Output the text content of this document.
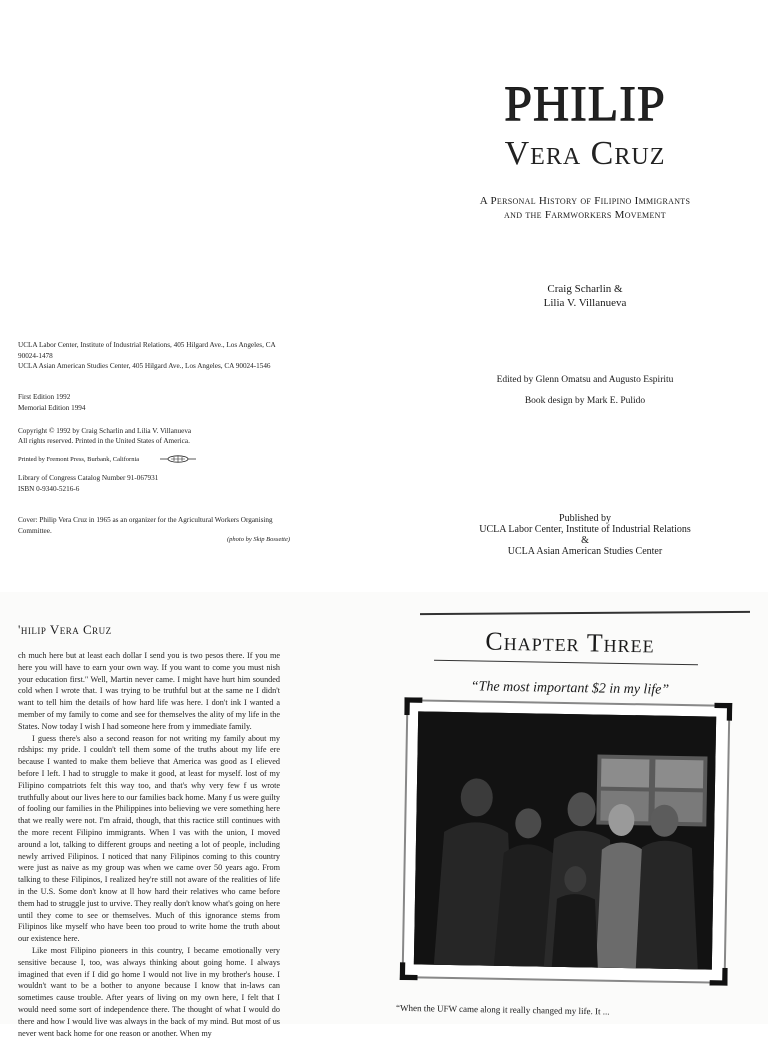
UCLA Labor Center, Institute of Industrial Relations, 405 Hilgard Ave., Los Angeles, CA 90024-1478
UCLA Asian American Studies Center, 405 Hilgard Ave., Los Angeles, CA 90024-1546
First Edition 1992
Memorial Edition 1994
Copyright © 1992 by Craig Scharlin and Lilia V. Villanueva
All rights reserved. Printed in the United States of America.
Printed by Fremont Press, Burbank, California
Library of Congress Catalog Number 91-067931
ISBN 0-9340-5216-6
Cover: Philip Vera Cruz in 1965 as an organizer for the Agricultural Workers Organising Committee.
(photo by Skip Bossette)
PHILIP
Vera Cruz
A Personal History of Filipino Immigrants
and the Farmworkers Movement
Craig Scharlin &
Lilia V. Villanueva
Edited by Glenn Omatsu and Augusto Espiritu
Book design by Mark E. Pulido
Published by
UCLA Labor Center, Institute of Industrial Relations
&
UCLA Asian American Studies Center
'hilip Vera Cruz

ch much here but at least each dollar I send you is two pesos there. If you me here you will have to earn your own way. If you want to come you must nish your education first." Well, Martin never came. I might have hurt him sounded cold when I wrote that. I was trying to be truthful but at the same ne I didn't want to tell him the details of how hard life was here. I don't ink I wanted a member of my family to come and see for themselves the ality of my life in the States. Now today I wish I had someone here from y immediate family.

I guess there's also a second reason for not writing my family about my rdships: my pride. I couldn't tell them some of the truths about my life ere because I wanted to make them believe that America was good as I elieved before I left. I had to struggle to make it good, at least for myself. lost of my Filipino compatriots felt this way too, and that's why very few f us wrote truthfully about our lives here to our families back home. Many f us were guilty of fooling our families in the Philippines into believing we vere something here that we really were not. I'm afraid, though, that this ractice still continues with the more recent Filipino immigrants. When I vas with the union, I moved around a lot, talking to different groups and neeting a lot of people, including newly arrived Filipinos. I noticed that nany Filipinos coming to this country were just as naive as my group was when we came over 50 years ago. From talking to these Filipinos, I realized hey're still not aware of the realities of life in the U.S. Some don't know at ll how hard their relatives who came before them had to struggle just to urvive. They really don't know what's going on here until they come to see or themselves. Much of this ignorance stems from Filipinos like myself who have been too proud to write home the truth about our existence here.

Like most Filipino pioneers in this country, I became emotionally very sensitive because I, too, was always thinking about going home. I always imagined that even if I did go home I would not live in my brother's house. I wouldn't want to be a bother to anyone because I know that in-laws can sometimes cause trouble. After years of living on my own here, I felt that I would need some sort of independence there. The thought of what I would do there and how I would live was always in the back of my mind. But most of us never went back home for one reason or another. When my

Chapter Three
“The most important $2 in my life”
“When the UFW came along it really changed my life. It ...
